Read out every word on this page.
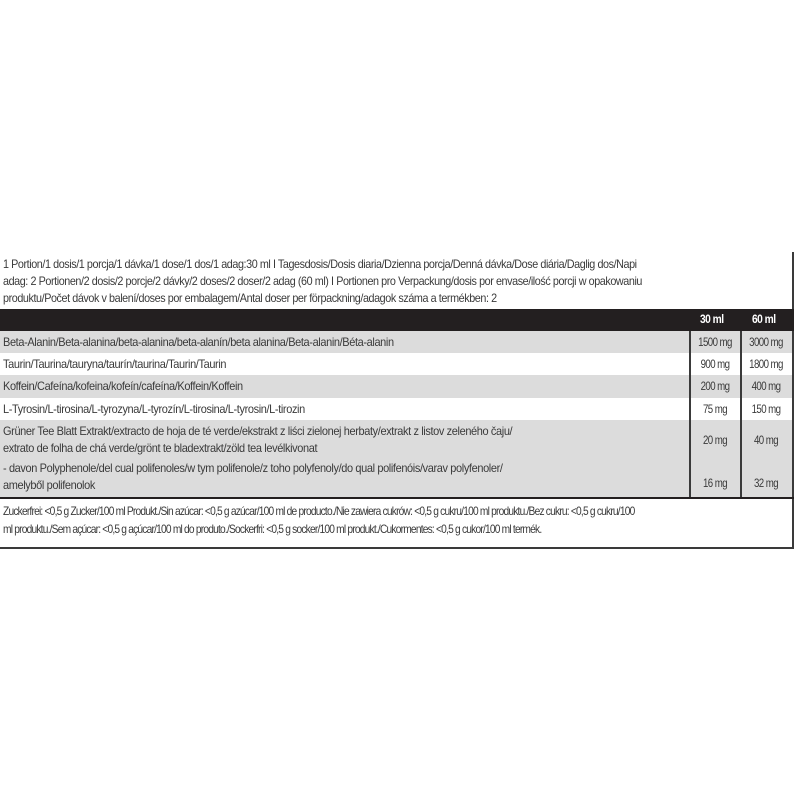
1 Portion/1 dosis/1 porcja/1 dávka/1 dose/1 dos/1 adag:30 ml I Tagesdosis/Dosis diaria/Dzienna porcja/Denná dávka/Dose diária/Daglig dos/Napi
adag: 2 Portionen/2 dosis/2 porcje/2 dávky/2 doses/2 doser/2 adag (60 ml) I Portionen pro Verpackung/dosis por envase/ilość porcji w opakowaniu
produktu/Počet dávok v balení/doses por embalagem/Antal doser per förpackning/adagok száma a termékben: 2
30 ml 60 ml
Beta-Alanin/Beta-alanina/beta-alanina/beta-alanín/beta alanina/Beta-alanin/Béta-alanin	1500 mg	3000 mg
Taurin/Taurina/tauryna/taurín/taurina/Taurin/Taurin	900 mg	1800 mg
Koffein/Cafeína/kofeina/kofeín/cafeína/Koffein/Koffein	200 mg	400 mg
L-Tyrosin/L-tirosina/L-tyrozyna/L-tyrozín/L-tirosina/L-tyrosin/L-tirozin	75 mg	150 mg
Grüner Tee Blatt Extrakt/extracto de hoja de té verde/ekstrakt z liści zielonej herbaty/extrakt z listov zeleného čaju/
extrato de folha de chá verde/grönt te bladextrakt/zöld tea levélkivonat
20 mg	40 mg
- davon Polyphenole/del cual polifenoles/w tym polifenole/z toho polyfenoly/do qual polifenóis/varav polyfenoler/
amelyből polifenolok	16 mg	32 mg
Zuckerfrei: <0,5 g Zucker/100 ml Produkt./Sin azúcar: <0,5 g azúcar/100 ml de producto./Nie zawiera cukrów: <0,5 g cukru/100 ml produktu./Bez cukru: <0,5 g cukru/100
ml produktu./Sem açúcar: <0,5 g açúcar/100 ml do produto./Sockerfri: <0,5 g socker/100 ml produkt./Cukormentes: <0,5 g cukor/100 ml termék.
